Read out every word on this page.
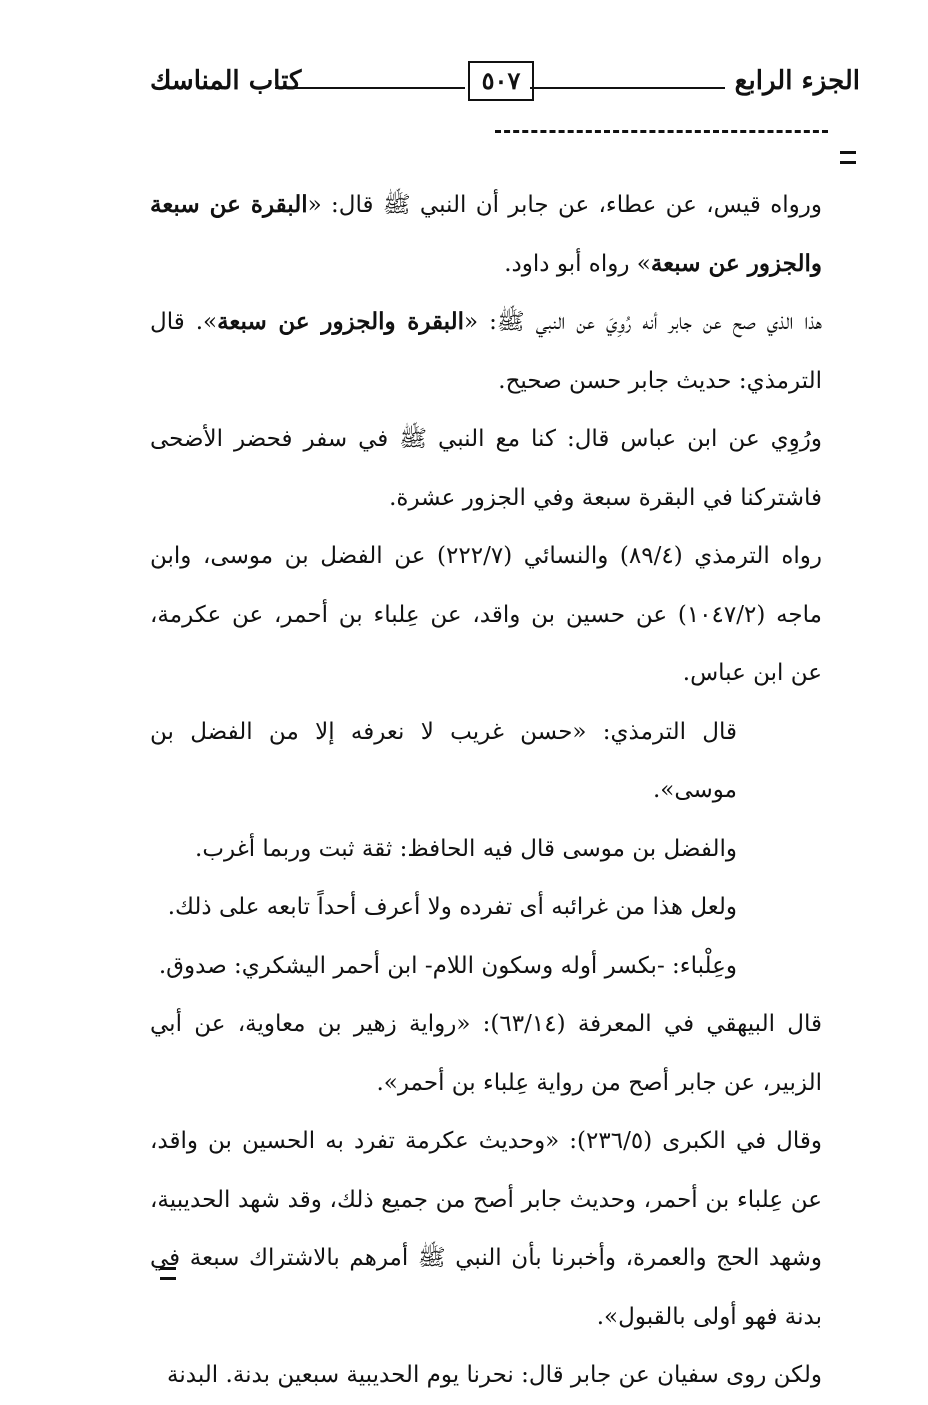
الجزء الرابع
٥٠٧
كتاب المناسك

ورواه قيس، عن عطاء، عن جابر أن النبي ﷺ قال: «البقرة عن سبعة والجزور عن سبعة» رواه أبو داود.

هذا الذي صح عن جابر أنه رُوِيَ عن النبي ﷺ: «البقرة والجزور عن سبعة». قال الترمذي: حديث جابر حسن صحيح.

ورُوِي عن ابن عباس قال: كنا مع النبي ﷺ في سفر فحضر الأضحى فاشتركنا في البقرة سبعة وفي الجزور عشرة.

رواه الترمذي (٨٩/٤) والنسائي (٢٢٢/٧) عن الفضل بن موسى، وابن ماجه (١٠٤٧/٢) عن حسين بن واقد، عن عِلباء بن أحمر، عن عكرمة، عن ابن عباس.

قال الترمذي: «حسن غريب لا نعرفه إلا من الفضل بن موسى».

والفضل بن موسى قال فيه الحافظ: ثقة ثبت وربما أغرب.

ولعل هذا من غرائبه أى تفرده ولا أعرف أحداً تابعه على ذلك.

وعِلْباء: -بكسر أوله وسكون اللام- ابن أحمر اليشكري: صدوق.

قال البيهقي في المعرفة (٦٣/١٤): «رواية زهير بن معاوية، عن أبي الزبير، عن جابر أصح من رواية عِلباء بن أحمر».

وقال في الكبرى (٢٣٦/٥): «وحديث عكرمة تفرد به الحسين بن واقد، عن عِلباء بن أحمر، وحديث جابر أصح من جميع ذلك، وقد شهد الحديبية، وشهد الحج والعمرة، وأخبرنا بأن النبي ﷺ أمرهم بالاشتراك سبعة في بدنة فهو أولى بالقبول».

ولكن روى سفيان عن جابر قال: نحرنا يوم الحديبية سبعين بدنة. البدنة
